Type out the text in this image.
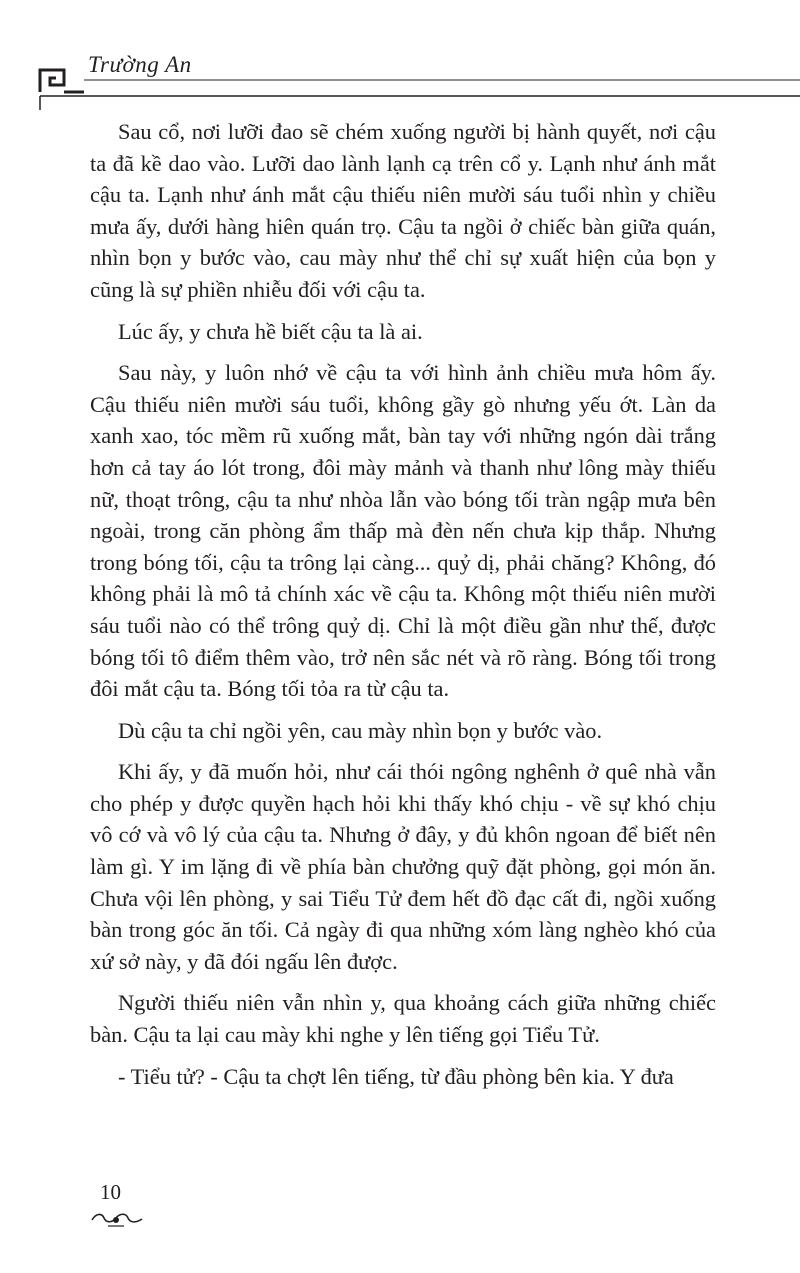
Trường An

Sau cổ, nơi lưỡi đao sẽ chém xuống người bị hành quyết, nơi cậu ta đã kề dao vào. Lưỡi dao lành lạnh cạ trên cổ y. Lạnh như ánh mắt cậu ta. Lạnh như ánh mắt cậu thiếu niên mười sáu tuổi nhìn y chiều mưa ấy, dưới hàng hiên quán trọ. Cậu ta ngồi ở chiếc bàn giữa quán, nhìn bọn y bước vào, cau mày như thể chỉ sự xuất hiện của bọn y cũng là sự phiền nhiễu đối với cậu ta.

Lúc ấy, y chưa hề biết cậu ta là ai.

Sau này, y luôn nhớ về cậu ta với hình ảnh chiều mưa hôm ấy. Cậu thiếu niên mười sáu tuổi, không gầy gò nhưng yếu ớt. Làn da xanh xao, tóc mềm rũ xuống mắt, bàn tay với những ngón dài trắng hơn cả tay áo lót trong, đôi mày mảnh và thanh như lông mày thiếu nữ, thoạt trông, cậu ta như nhòa lẫn vào bóng tối tràn ngập mưa bên ngoài, trong căn phòng ẩm thấp mà đèn nến chưa kịp thắp. Nhưng trong bóng tối, cậu ta trông lại càng... quỷ dị, phải chăng? Không, đó không phải là mô tả chính xác về cậu ta. Không một thiếu niên mười sáu tuổi nào có thể trông quỷ dị. Chỉ là một điều gần như thế, được bóng tối tô điểm thêm vào, trở nên sắc nét và rõ ràng. Bóng tối trong đôi mắt cậu ta. Bóng tối tỏa ra từ cậu ta.

Dù cậu ta chỉ ngồi yên, cau mày nhìn bọn y bước vào.

Khi ấy, y đã muốn hỏi, như cái thói ngông nghênh ở quê nhà vẫn cho phép y được quyền hạch hỏi khi thấy khó chịu - về sự khó chịu vô cớ và vô lý của cậu ta. Nhưng ở đây, y đủ khôn ngoan để biết nên làm gì. Y im lặng đi về phía bàn chưởng quỹ đặt phòng, gọi món ăn. Chưa vội lên phòng, y sai Tiểu Tử đem hết đồ đạc cất đi, ngồi xuống bàn trong góc ăn tối. Cả ngày đi qua những xóm làng nghèo khó của xứ sở này, y đã đói ngấu lên được.

Người thiếu niên vẫn nhìn y, qua khoảng cách giữa những chiếc bàn. Cậu ta lại cau mày khi nghe y lên tiếng gọi Tiểu Tử.

- Tiểu tử? - Cậu ta chợt lên tiếng, từ đầu phòng bên kia. Y đưa

10
